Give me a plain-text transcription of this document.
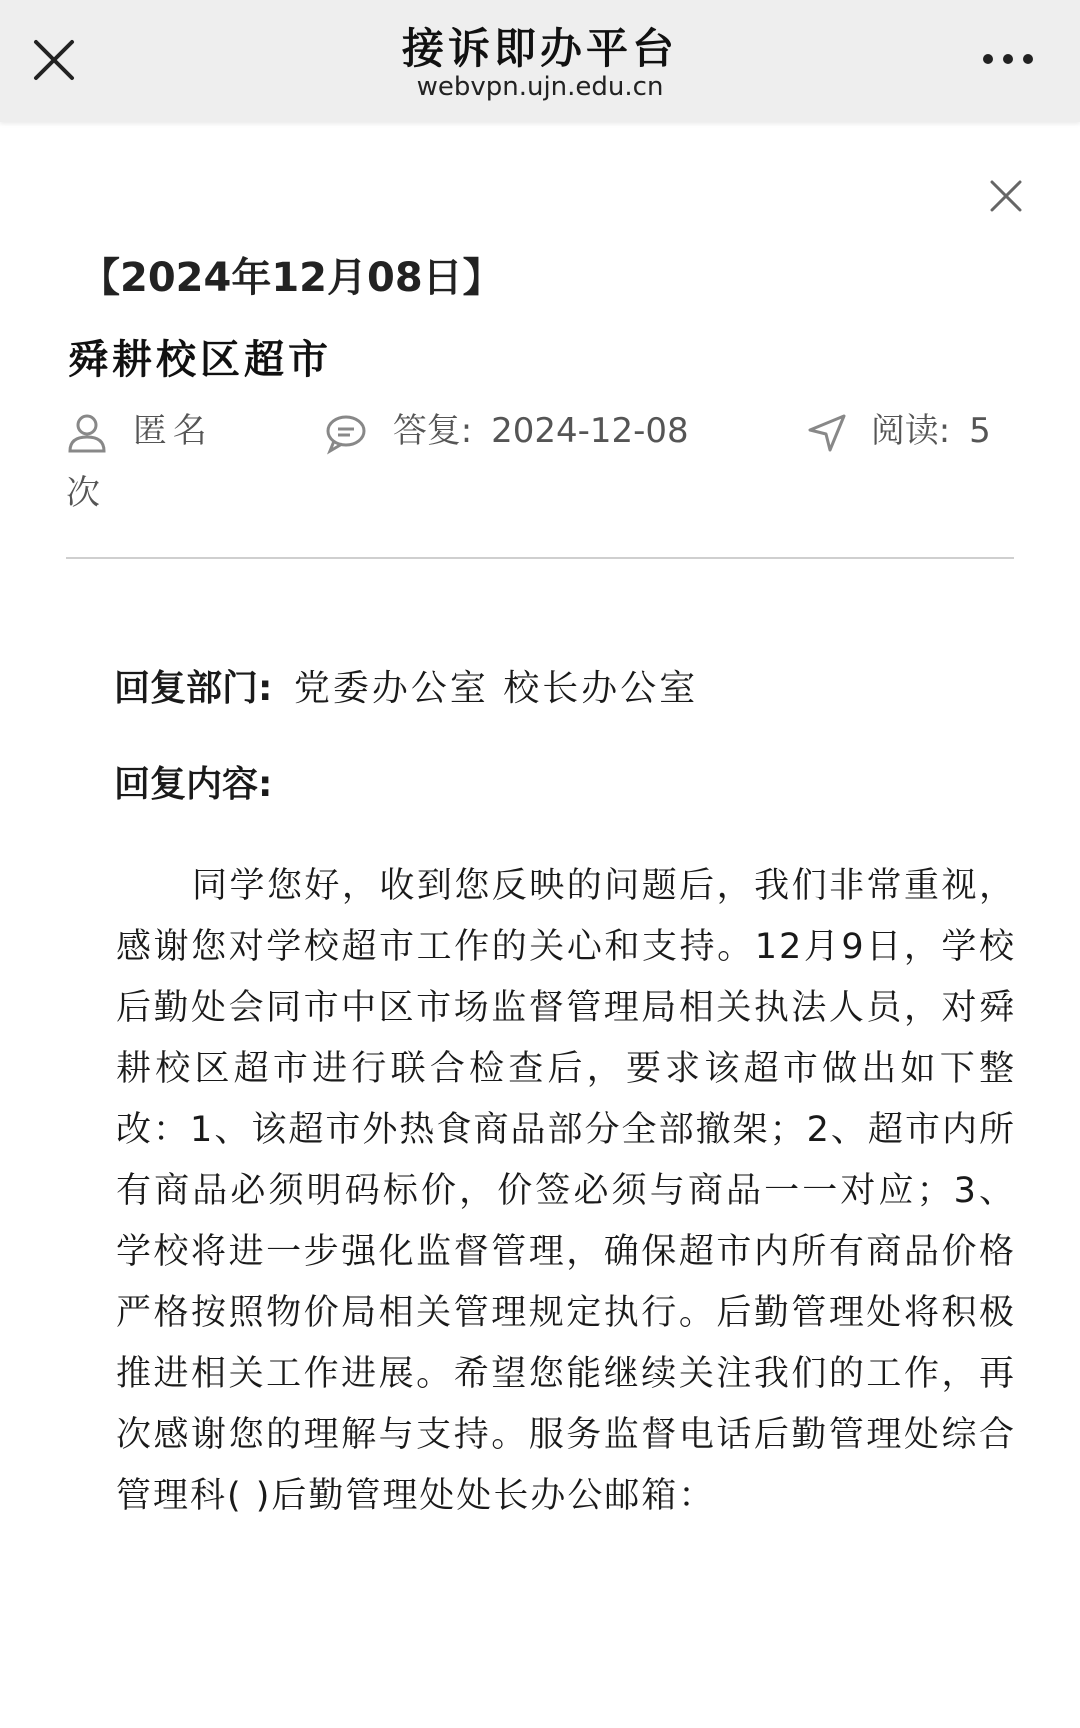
接诉即办平台
webvpn.ujn.edu.cn
【2024年12月08日】
舜耕校区超市
匿名	答复: 2024-12-08	阅读: 5
次
回复部门: 党委办公室 校长办公室
回复内容:
同学您好，收到您反映的问题后，我们非常重视，感谢您对学校超市工作的关心和支持。12月9日，学校后勤处会同市中区市场监督管理局相关执法人员，对舜耕校区超市进行联合检查后，要求该超市做出如下整改：1、该超市外热食商品部分全部撤架；2、超市内所有商品必须明码标价，价签必须与商品一一对应；3、学校将进一步强化监督管理，确保超市内所有商品价格严格按照物价局相关管理规定执行。后勤管理处将积极推进相关工作进展。希望您能继续关注我们的工作，再次感谢您的理解与支持。服务监督电话后勤管理处综合管理科( )后勤管理处处长办公邮箱：
